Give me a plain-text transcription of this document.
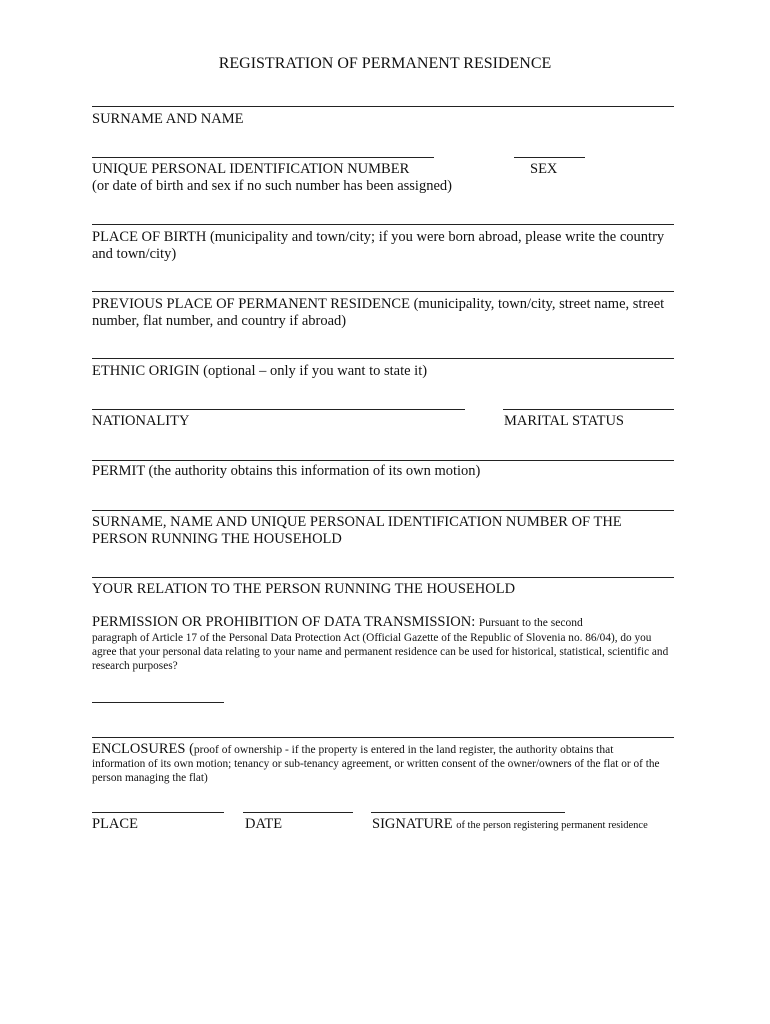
REGISTRATION OF PERMANENT RESIDENCE
SURNAME AND NAME
UNIQUE PERSONAL IDENTIFICATION NUMBER	SEX
(or date of birth and sex if no such number has been assigned)
PLACE OF BIRTH (municipality and town/city; if you were born abroad, please write the country and town/city)
PREVIOUS PLACE OF PERMANENT RESIDENCE (municipality, town/city, street name, street number, flat number, and country if abroad)
ETHNIC ORIGIN (optional – only if you want to state it)
NATIONALITY	MARITAL STATUS
PERMIT (the authority obtains this information of its own motion)
SURNAME, NAME AND UNIQUE PERSONAL IDENTIFICATION NUMBER OF THE PERSON RUNNING THE HOUSEHOLD
YOUR RELATION TO THE PERSON RUNNING THE HOUSEHOLD
PERMISSION OR PROHIBITION OF DATA TRANSMISSION: Pursuant to the second
paragraph of Article 17 of the Personal Data Protection Act (Official Gazette of the Republic of Slovenia no. 86/04), do you agree that your personal data relating to your name and permanent residence can be used for historical, statistical, scientific and research purposes?
ENCLOSURES (proof of ownership - if the property is entered in the land register, the authority obtains that
information of its own motion; tenancy or sub-tenancy agreement, or written consent of the owner/owners of the flat or of the person managing the flat)
PLACE	DATE	SIGNATURE of the person registering permanent residence
